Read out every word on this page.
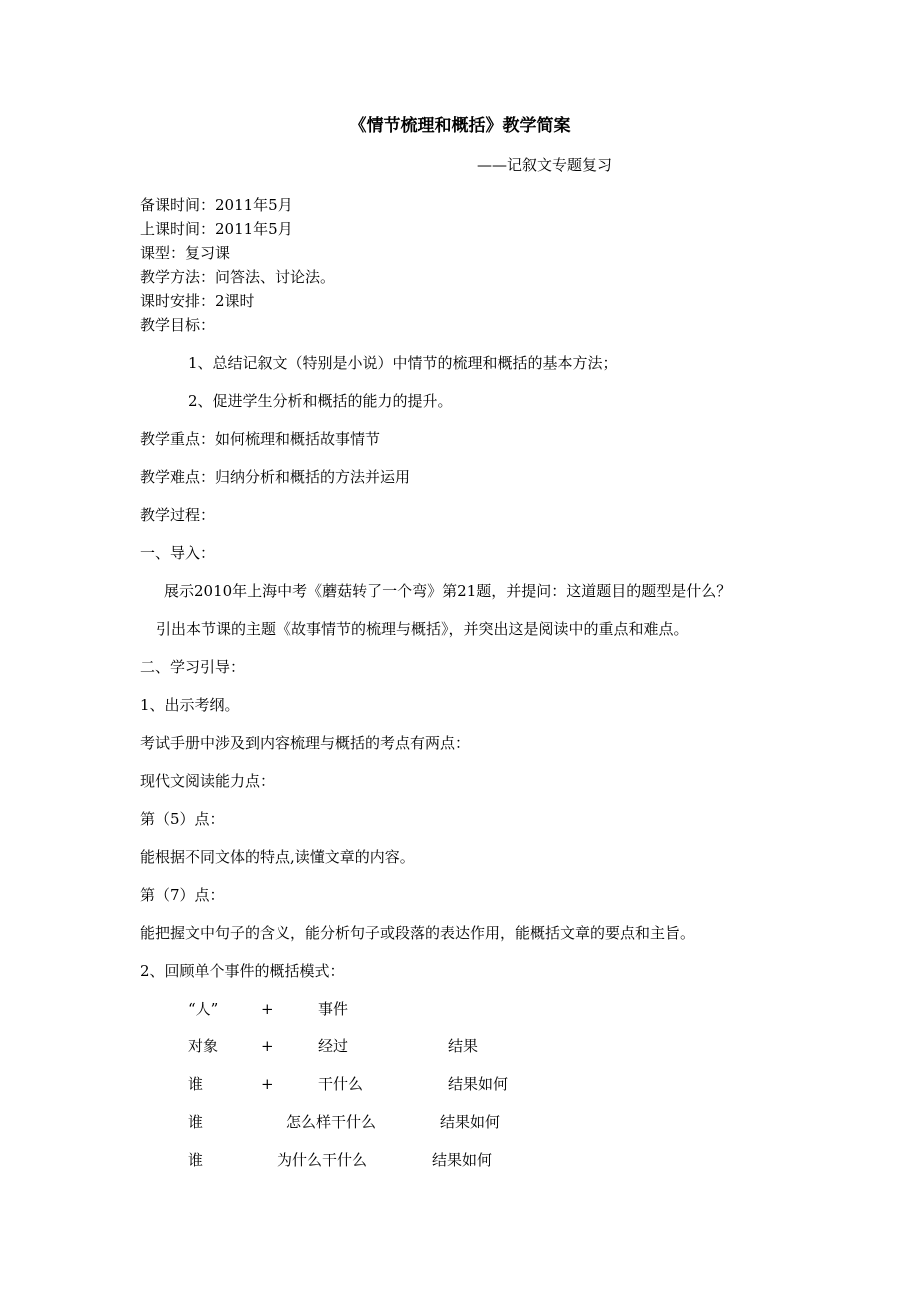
《情节梳理和概括》教学简案
——记叙文专题复习
备课时间：2011年5月
上课时间：2011年5月
课型：复习课
教学方法：问答法、讨论法。
课时安排：2课时
教学目标：
1、总结记叙文（特别是小说）中情节的梳理和概括的基本方法；
2、促进学生分析和概括的能力的提升。
教学重点：如何梳理和概括故事情节
教学难点：归纳分析和概括的方法并运用
教学过程：
一、导入：
展示2010年上海中考《蘑菇转了一个弯》第21题，并提问：这道题目的题型是什么？
引出本节课的主题《故事情节的梳理与概括》，并突出这是阅读中的重点和难点。
二、学习引导：
1、出示考纲。
考试手册中涉及到内容梳理与概括的考点有两点：
现代文阅读能力点：
第（5）点：
能根据不同文体的特点,读懂文章的内容。
第（7）点：
能把握文中句子的含义，能分析句子或段落的表达作用，能概括文章的要点和主旨。
2、回顾单个事件的概括模式：
“人”	+	事件
对象	+	经过	结果
谁	+	干什么	结果如何
谁	怎么样干什么	结果如何
谁	为什么干什么	结果如何
